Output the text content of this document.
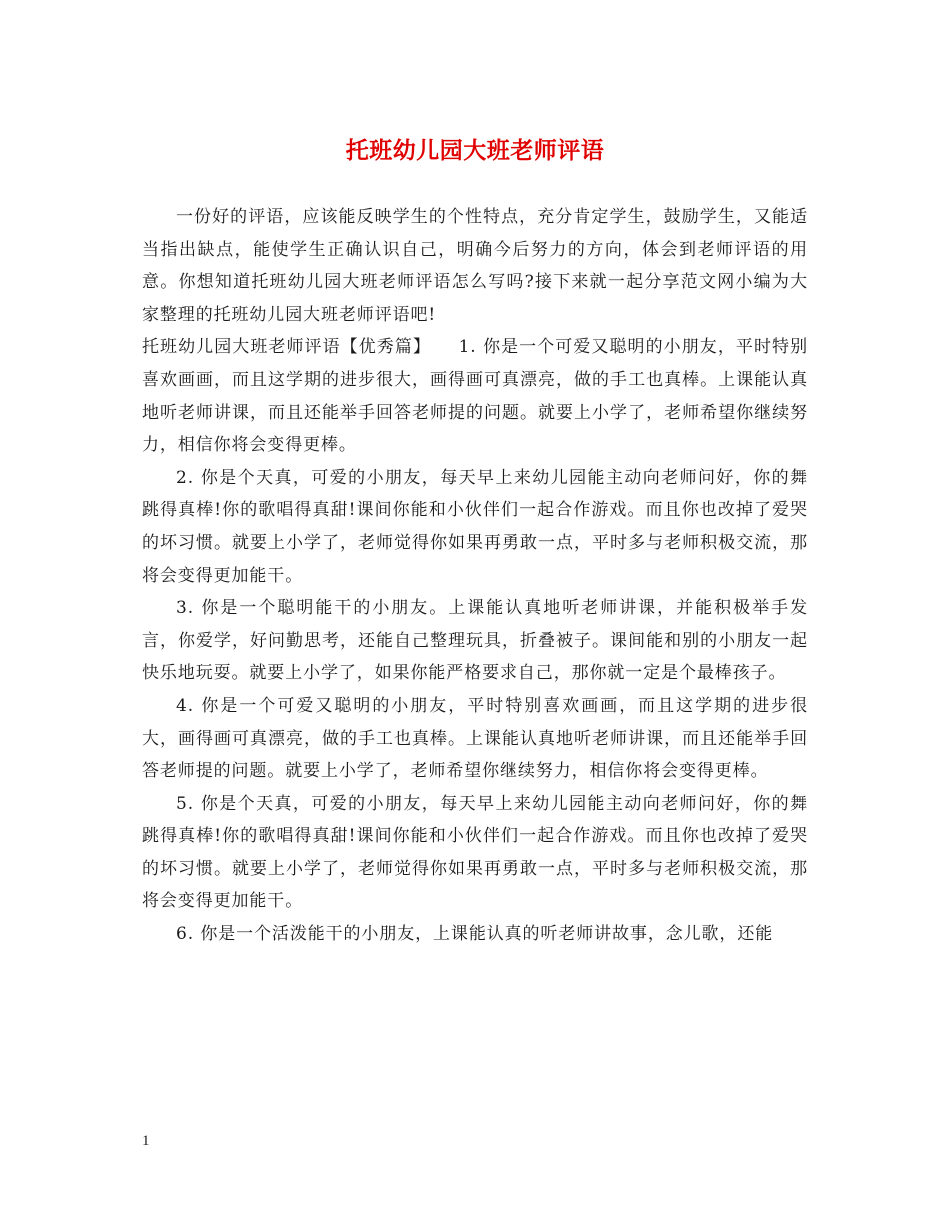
托班幼儿园大班老师评语

一份好的评语，应该能反映学生的个性特点，充分肯定学生，鼓励学生，又能适当指出缺点，能使学生正确认识自己，明确今后努力的方向，体会到老师评语的用意。你想知道托班幼儿园大班老师评语怎么写吗?接下来就一起分享范文网小编为大家整理的托班幼儿园大班老师评语吧!

托班幼儿园大班老师评语【优秀篇】　　1. 你是一个可爱又聪明的小朋友，平时特别喜欢画画，而且这学期的进步很大，画得画可真漂亮，做的手工也真棒。上课能认真地听老师讲课，而且还能举手回答老师提的问题。就要上小学了，老师希望你继续努力，相信你将会变得更棒。

2. 你是个天真，可爱的小朋友，每天早上来幼儿园能主动向老师问好，你的舞跳得真棒!你的歌唱得真甜!课间你能和小伙伴们一起合作游戏。而且你也改掉了爱哭的坏习惯。就要上小学了，老师觉得你如果再勇敢一点，平时多与老师积极交流，那将会变得更加能干。

3. 你是一个聪明能干的小朋友。上课能认真地听老师讲课，并能积极举手发言，你爱学，好问勤思考，还能自己整理玩具，折叠被子。课间能和别的小朋友一起快乐地玩耍。就要上小学了，如果你能严格要求自己，那你就一定是个最棒孩子。

4. 你是一个可爱又聪明的小朋友，平时特别喜欢画画，而且这学期的进步很大，画得画可真漂亮，做的手工也真棒。上课能认真地听老师讲课，而且还能举手回答老师提的问题。就要上小学了，老师希望你继续努力，相信你将会变得更棒。

5. 你是个天真，可爱的小朋友，每天早上来幼儿园能主动向老师问好，你的舞跳得真棒!你的歌唱得真甜!课间你能和小伙伴们一起合作游戏。而且你也改掉了爱哭的坏习惯。就要上小学了，老师觉得你如果再勇敢一点，平时多与老师积极交流，那将会变得更加能干。

6. 你是一个活泼能干的小朋友，上课能认真的听老师讲故事，念儿歌，还能

1
